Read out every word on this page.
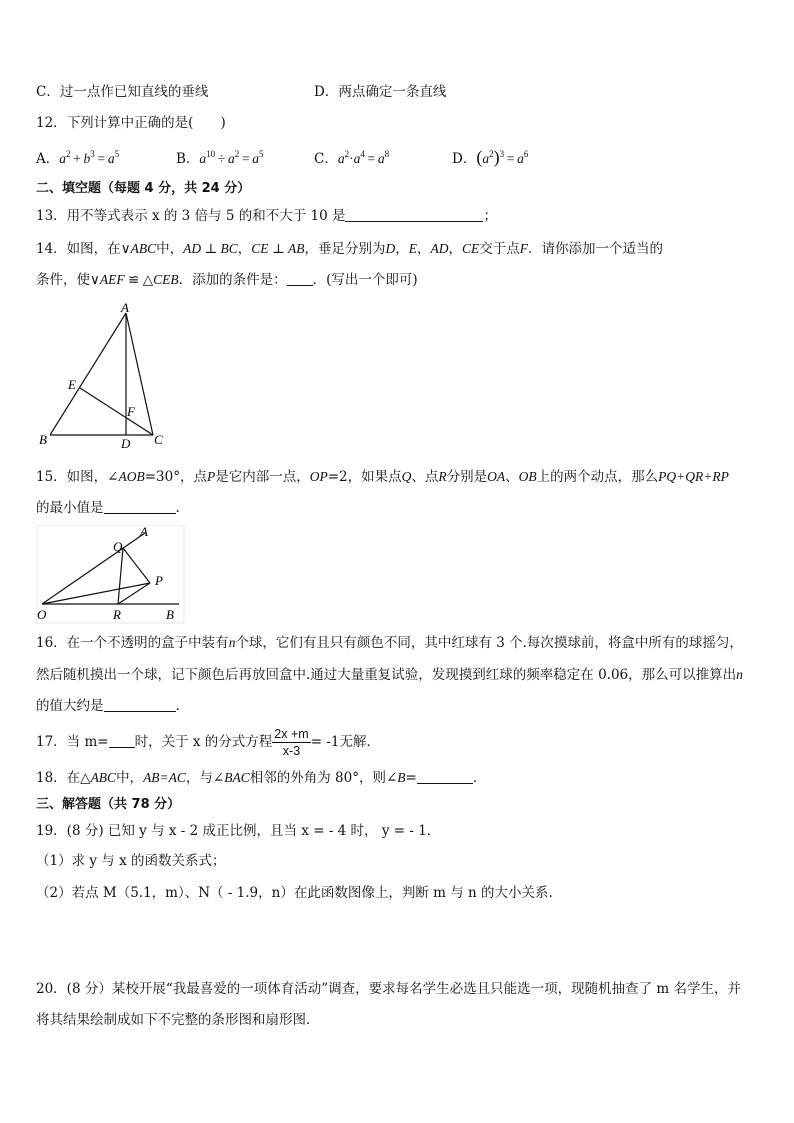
C．过一点作已知直线的垂线	D．两点确定一条直线
12．下列计算中正确的是(　　)
A．$a^2 + b^3 = a^5$	B．$a^{10} \div a^2 = a^5$	C．$a^2\cdot a^4 = a^8$	D．$(a^2)^3 = a^6$
二、填空题（每题 4 分，共 24 分）
13．用不等式表示 x 的 3 倍与 5 的和不大于 10 是	；
14．如图，在∨ABC中，AD ⊥ BC，CE ⊥ AB，垂足分别为D，E，AD，CE交于点F．请你添加一个适当的
条件，使∨AEF ≌ △CEB．添加的条件是： ．(写出一个即可)
A
E
F
B	D C
15．如图，∠AOB=30°，点P是它内部一点，OP=2，如果点Q、点R分别是OA、OB上的两个动点，那么PQ+QR+RP
的最小值是	.
A
Q
P
O	R	B
16．在一个不透明的盒子中装有n个球，它们有且只有颜色不同，其中红球有 3 个.每次摸球前，将盒中所有的球摇匀，
然后随机摸出一个球，记下颜色后再放回盒中.通过大量重复试验，发现摸到红球的频率稳定在 0.06，那么可以推算出n
的值大约是	.
17．当 m= 时，关于 x 的分式方程 $\frac{2x +m}{x-3} = -1$无解．
18．在△ABC中，AB=AC，与∠BAC相邻的外角为 80°，则∠B=	．
三、解答题（共 78 分）
19．(8 分) 已知 y 与 x - 2 成正比例，且当 x = - 4 时， y = - 1．
（1）求 y 与 x 的函数关系式；
（2）若点 M（5.1，m）、N（ - 1.9，n）在此函数图像上，判断 m 与 n 的大小关系.
20．(8 分）某校开展“我最喜爱的一项体育活动”调查，要求每名学生必选且只能选一项，现随机抽查了 m 名学生，并
将其结果绘制成如下不完整的条形图和扇形图．
